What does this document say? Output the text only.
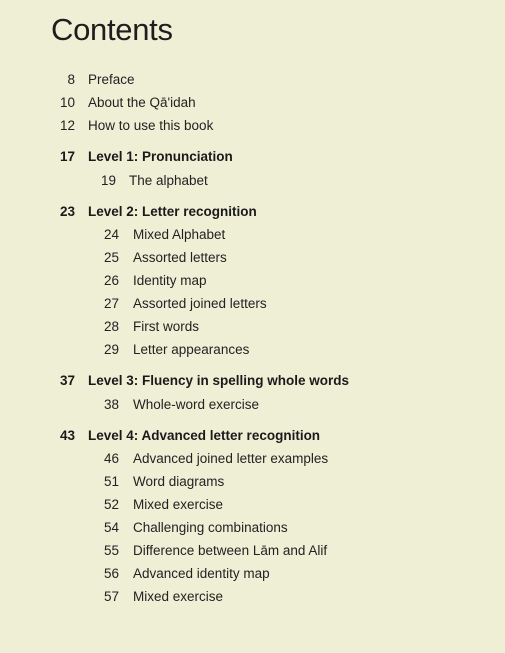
Contents
8 Preface
10 About the Qā'idah
12 How to use this book
17 Level 1: Pronunciation
19 The alphabet
23 Level 2: Letter recognition
24 Mixed Alphabet
25 Assorted letters
26 Identity map
27 Assorted joined letters
28 First words
29 Letter appearances
37 Level 3: Fluency in spelling whole words
38 Whole-word exercise
43 Level 4: Advanced letter recognition
46 Advanced joined letter examples
51 Word diagrams
52 Mixed exercise
54 Challenging combinations
55 Difference between Lām and Alif
56 Advanced identity map
57 Mixed exercise
